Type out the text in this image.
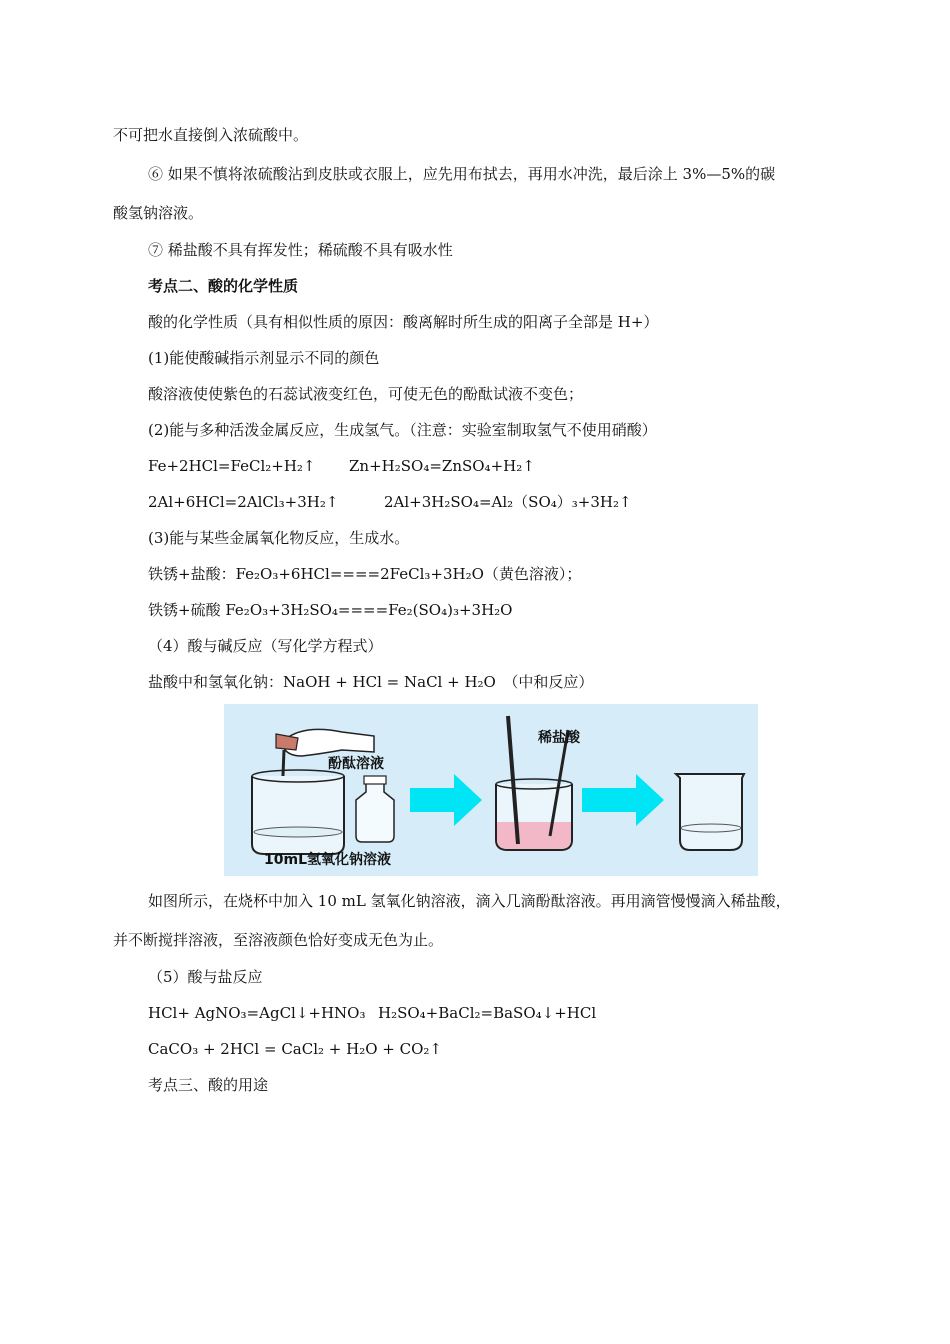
不可把水直接倒入浓硫酸中。
⑥ 如果不慎将浓硫酸沾到皮肤或衣服上，应先用布拭去，再用水冲洗，最后涂上 3%—5%的碳
酸氢钠溶液。
⑦ 稀盐酸不具有挥发性；稀硫酸不具有吸水性
考点二、酸的化学性质
酸的化学性质（具有相似性质的原因：酸离解时所生成的阳离子全部是 H+）
(1)能使酸碱指示剂显示不同的颜色
酸溶液使使紫色的石蕊试液变红色，可使无色的酚酞试液不变色；
(2)能与多种活泼金属反应，生成氢气。（注意：实验室制取氢气不使用硝酸）
Fe+2HCl=FeCl₂+H₂↑ Zn+H₂SO₄=ZnSO₄+H₂↑
2Al+6HCl=2AlCl₃+3H₂↑	2Al+3H₂SO₄=Al₂（SO₄）₃+3H₂↑
(3)能与某些金属氧化物反应，生成水。
铁锈+盐酸：Fe₂O₃+6HCl====2FeCl₃+3H₂O（黄色溶液）；
铁锈+硫酸 Fe₂O₃+3H₂SO₄====Fe₂(SO₄)₃+3H₂O
（4）酸与碱反应（写化学方程式）
盐酸中和氢氧化钠：NaOH + HCl = NaCl + H₂O　（中和反应）
酚酞溶液
10mL氢氧化钠溶液
稀盐酸
如图所示，在烧杯中加入 10 mL 氢氧化钠溶液，滴入几滴酚酞溶液。再用滴管慢慢滴入稀盐酸，
并不断搅拌溶液，至溶液颜色恰好变成无色为止。
（5）酸与盐反应
HCl+ AgNO₃=AgCl↓+HNO₃ H₂SO₄+BaCl₂=BaSO₄↓+HCl
CaCO₃ + 2HCl = CaCl₂ + H₂O + CO₂↑
考点三、酸的用途
